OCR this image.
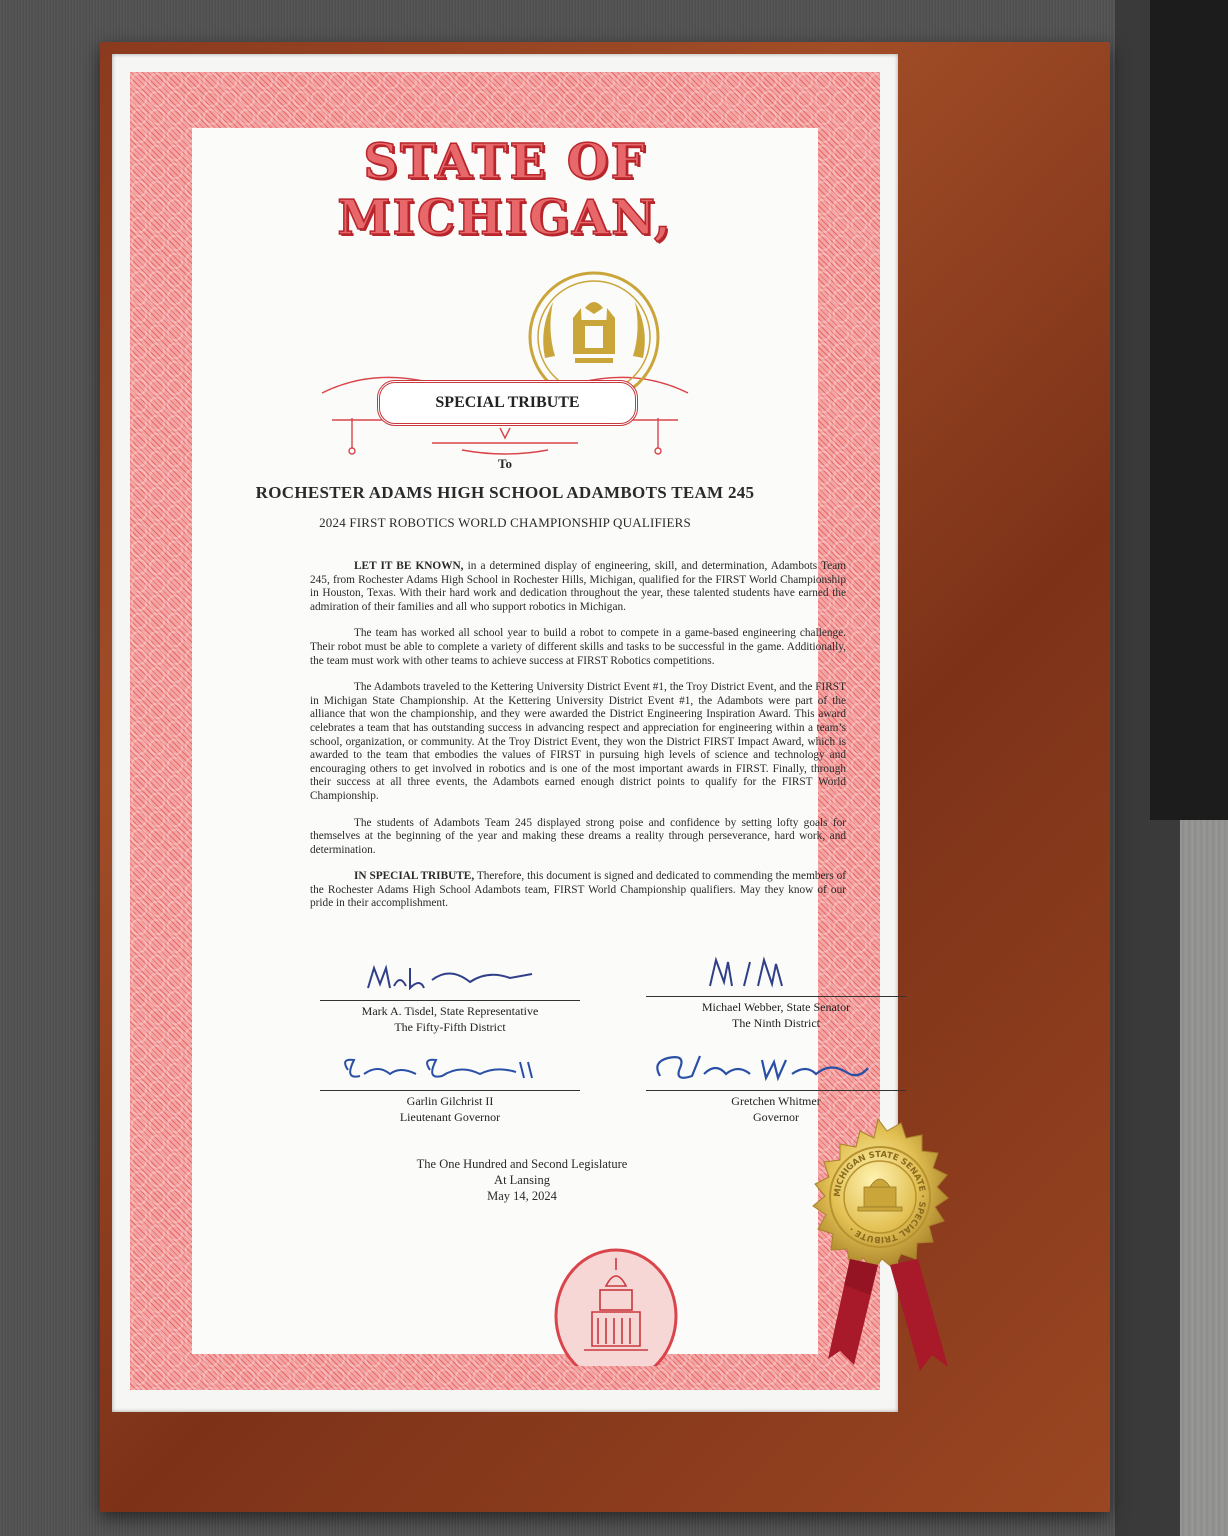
STATE OF MICHIGAN,
SPECIAL TRIBUTE
To
ROCHESTER ADAMS HIGH SCHOOL ADAMBOTS TEAM 245
2024 FIRST ROBOTICS WORLD CHAMPIONSHIP QUALIFIERS

LET IT BE KNOWN, in a determined display of engineering, skill, and determination, Adambots Team 245, from Rochester Adams High School in Rochester Hills, Michigan, qualified for the FIRST World Championship in Houston, Texas. With their hard work and dedication throughout the year, these talented students have earned the admiration of their families and all who support robotics in Michigan.

The team has worked all school year to build a robot to compete in a game-based engineering challenge. Their robot must be able to complete a variety of different skills and tasks to be successful in the game. Additionally, the team must work with other teams to achieve success at FIRST Robotics competitions.

The Adambots traveled to the Kettering University District Event #1, the Troy District Event, and the FIRST in Michigan State Championship. At the Kettering University District Event #1, the Adambots were part of the alliance that won the championship, and they were awarded the District Engineering Inspiration Award. This award celebrates a team that has outstanding success in advancing respect and appreciation for engineering within a team’s school, organization, or community. At the Troy District Event, they won the District FIRST Impact Award, which is awarded to the team that embodies the values of FIRST in pursuing high levels of science and technology and encouraging others to get involved in robotics and is one of the most important awards in FIRST. Finally, through their success at all three events, the Adambots earned enough district points to qualify for the FIRST World Championship.

The students of Adambots Team 245 displayed strong poise and confidence by setting lofty goals for themselves at the beginning of the year and making these dreams a reality through perseverance, hard work, and determination.

IN SPECIAL TRIBUTE, Therefore, this document is signed and dedicated to commending the members of the Rochester Adams High School Adambots team, FIRST World Championship qualifiers. May they know of our pride in their accomplishment.

Mark A. Tisdel, State Representative
The Fifty-Fifth District
Michael Webber, State Senator
The Ninth District
Garlin Gilchrist II
Lieutenant Governor
Gretchen Whitmer
Governor
The One Hundred and Second Legislature
At Lansing
May 14, 2024	MICHIGAN STATE SENATE · SPECIAL TRIBUTE ·
